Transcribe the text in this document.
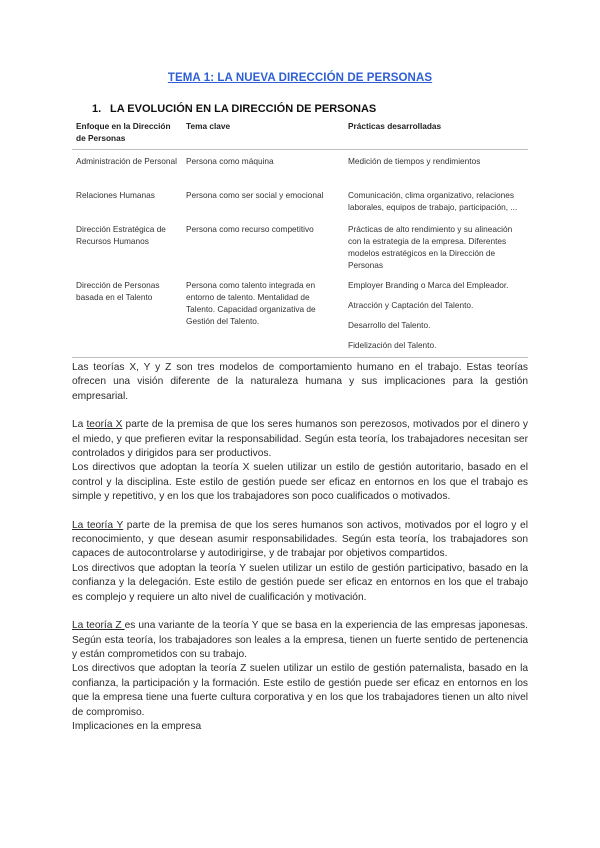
TEMA 1: LA NUEVA DIRECCIÓN DE PERSONAS
1. LA EVOLUCIÓN EN LA DIRECCIÓN DE PERSONAS
Enfoque en la Dirección de Personas	Tema clave	Prácticas desarrolladas
Administración de Personal	Persona como máquina	Medición de tiempos y rendimientos

Relaciones Humanas	Persona como ser social y emocional	Comunicación, clima organizativo, relaciones laborales, equipos de trabajo, participación, ...

Dirección Estratégica de Recursos Humanos	Persona como recurso competitivo	Prácticas de alto rendimiento y su alineación con la estrategia de la empresa. Diferentes modelos estratégicos en la Dirección de Personas

Dirección de Personas basada en el Talento	Persona como talento integrada en entorno de talento. Mentalidad de Talento. Capacidad organizativa de Gestión del Talento.	Employer Branding o Marca del Empleador.
Atracción y Captación del Talento.
Desarrollo del Talento.
Fidelización del Talento.

Las teorías X, Y y Z son tres modelos de comportamiento humano en el trabajo. Estas teorías ofrecen una visión diferente de la naturaleza humana y sus implicaciones para la gestión empresarial.

La teoría X parte de la premisa de que los seres humanos son perezosos, motivados por el dinero y el miedo, y que prefieren evitar la responsabilidad. Según esta teoría, los trabajadores necesitan ser controlados y dirigidos para ser productivos.

Los directivos que adoptan la teoría X suelen utilizar un estilo de gestión autoritario, basado en el control y la disciplina. Este estilo de gestión puede ser eficaz en entornos en los que el trabajo es simple y repetitivo, y en los que los trabajadores son poco cualificados o motivados.

La teoría Y parte de la premisa de que los seres humanos son activos, motivados por el logro y el reconocimiento, y que desean asumir responsabilidades. Según esta teoría, los trabajadores son capaces de autocontrolarse y autodirigirse, y de trabajar por objetivos compartidos.

Los directivos que adoptan la teoría Y suelen utilizar un estilo de gestión participativo, basado en la confianza y la delegación. Este estilo de gestión puede ser eficaz en entornos en los que el trabajo es complejo y requiere un alto nivel de cualificación y motivación.

La teoría Z es una variante de la teoría Y que se basa en la experiencia de las empresas japonesas. Según esta teoría, los trabajadores son leales a la empresa, tienen un fuerte sentido de pertenencia y están comprometidos con su trabajo.

Los directivos que adoptan la teoría Z suelen utilizar un estilo de gestión paternalista, basado en la confianza, la participación y la formación. Este estilo de gestión puede ser eficaz en entornos en los que la empresa tiene una fuerte cultura corporativa y en los que los trabajadores tienen un alto nivel de compromiso.

Implicaciones en la empresa
